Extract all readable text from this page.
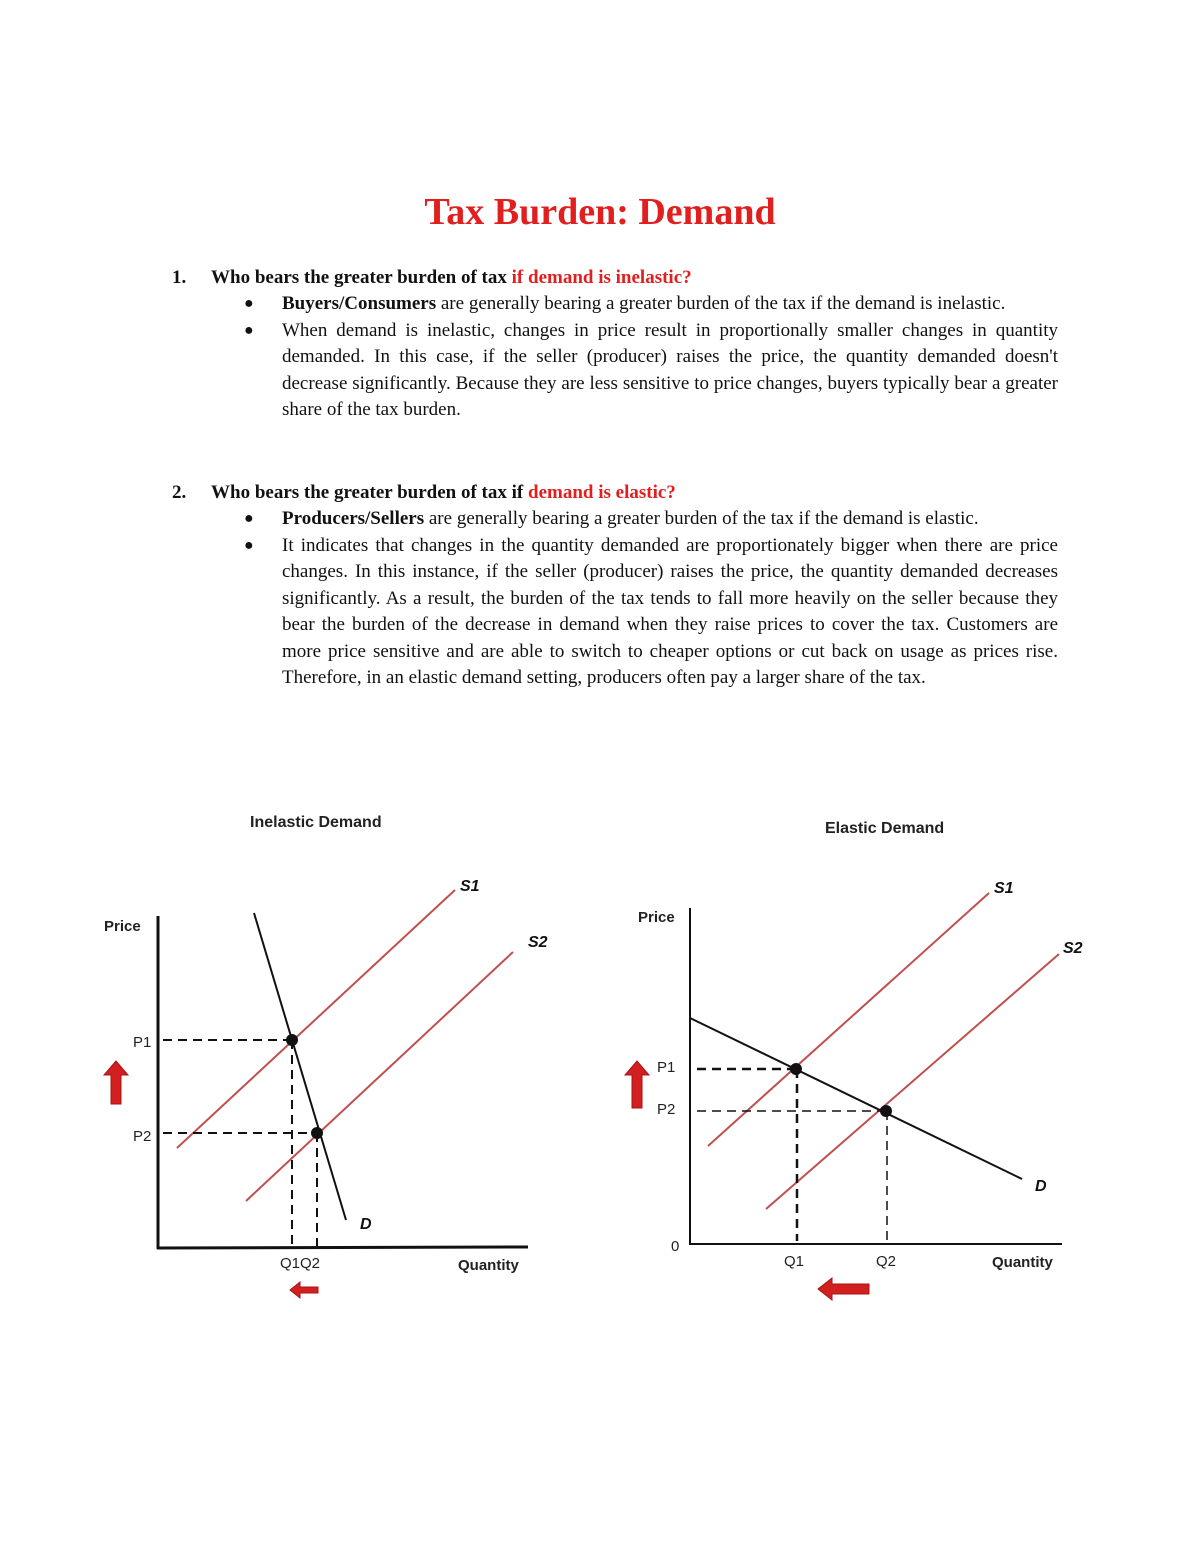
Tax Burden: Demand
1. Who bears the greater burden of tax if demand is inelastic?
● Buyers/Consumers are generally bearing a greater burden of the tax if the demand is inelastic.
● When demand is inelastic, changes in price result in proportionally smaller changes in quantity demanded. In this case, if the seller (producer) raises the price, the quantity demanded doesn't decrease significantly. Because they are less sensitive to price changes, buyers typically bear a greater share of the tax burden.
2. Who bears the greater burden of tax if demand is elastic?
● Producers/Sellers are generally bearing a greater burden of the tax if the demand is elastic.
● It indicates that changes in the quantity demanded are proportionately bigger when there are price changes. In this instance, if the seller (producer) raises the price, the quantity demanded decreases significantly. As a result, the burden of the tax tends to fall more heavily on the seller because they bear the burden of the decrease in demand when they raise prices to cover the tax. Customers are more price sensitive and are able to switch to cheaper options or cut back on usage as prices rise. Therefore, in an elastic demand setting, producers often pay a larger share of the tax.
Inelastic Demand
Price
Quantity
S1
S2
D
P1
P2
Q1Q2
Elastic Demand
Price
Quantity
0
S1
S2
D
P1
P2
Q1	Q2
